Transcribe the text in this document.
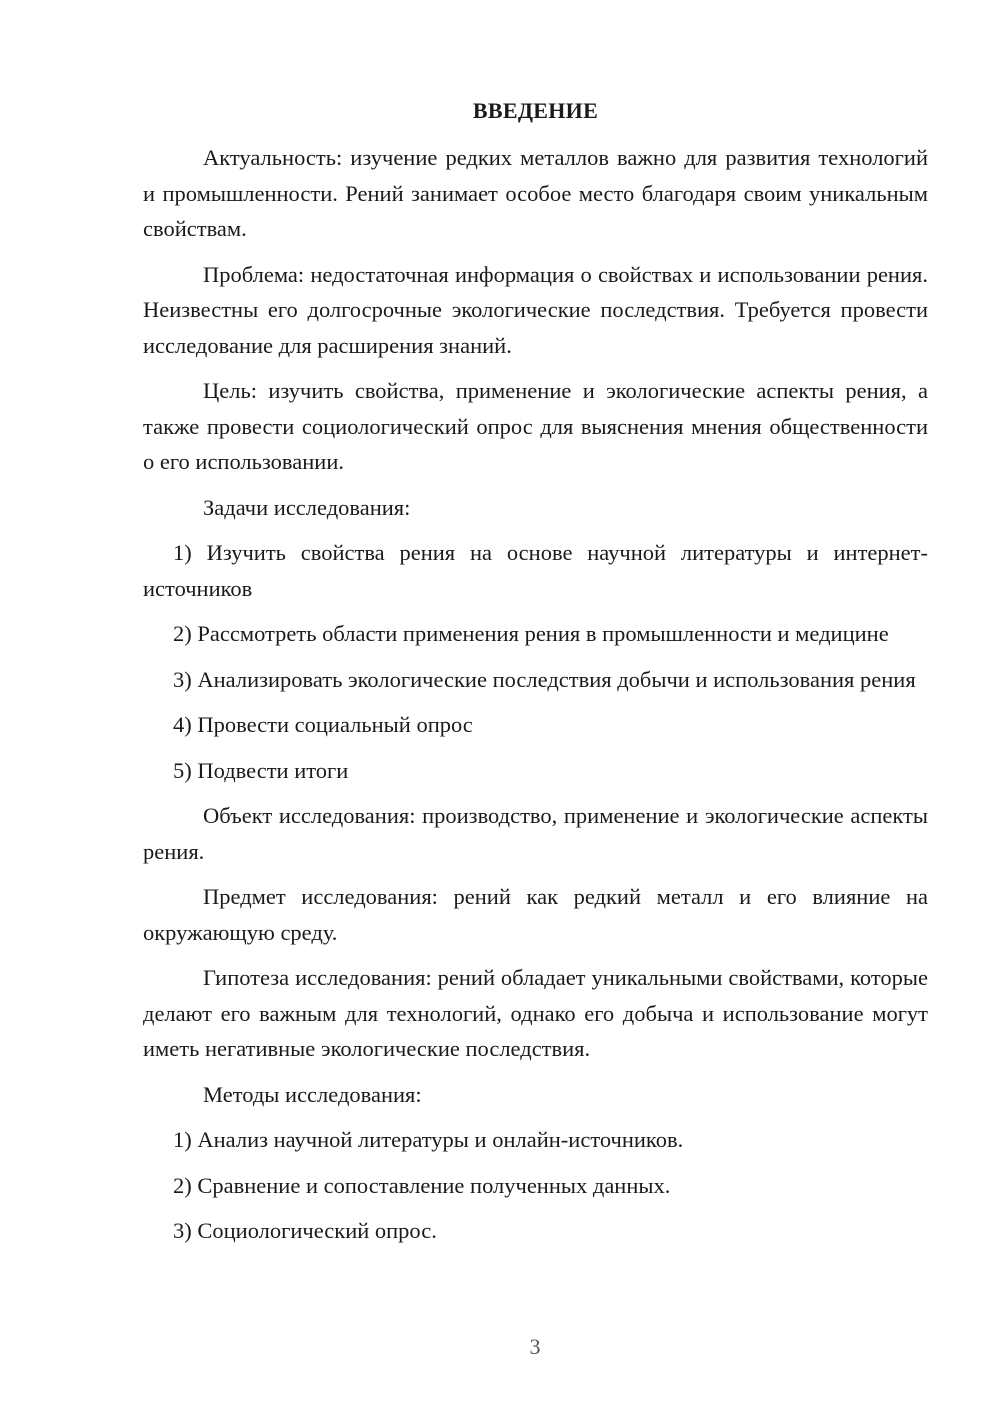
ВВЕДЕНИЕ

Актуальность: изучение редких металлов важно для развития технологий и промышленности. Рений занимает особое место благодаря своим уникальным свойствам.

Проблема: недостаточная информация о свойствах и использовании рения. Неизвестны его долгосрочные экологические последствия. Требуется провести исследование для расширения знаний.

Цель: изучить свойства, применение и экологические аспекты рения, а также провести социологический опрос для выяснения мнения общественности о его использовании.

Задачи исследования:

1) Изучить свойства рения на основе научной литературы и интернет-источников

2) Рассмотреть области применения рения в промышленности и медицине

3) Анализировать экологические последствия добычи и использования рения

4) Провести социальный опрос

5) Подвести итоги

Объект исследования: производство, применение и экологические аспекты рения.

Предмет исследования: рений как редкий металл и его влияние на окружающую среду.

Гипотеза исследования: рений обладает уникальными свойствами, которые делают его важным для технологий, однако его добыча и использование могут иметь негативные экологические последствия.

Методы исследования:

1) Анализ научной литературы и онлайн-источников.

2) Сравнение и сопоставление полученных данных.

3) Социологический опрос.

3
